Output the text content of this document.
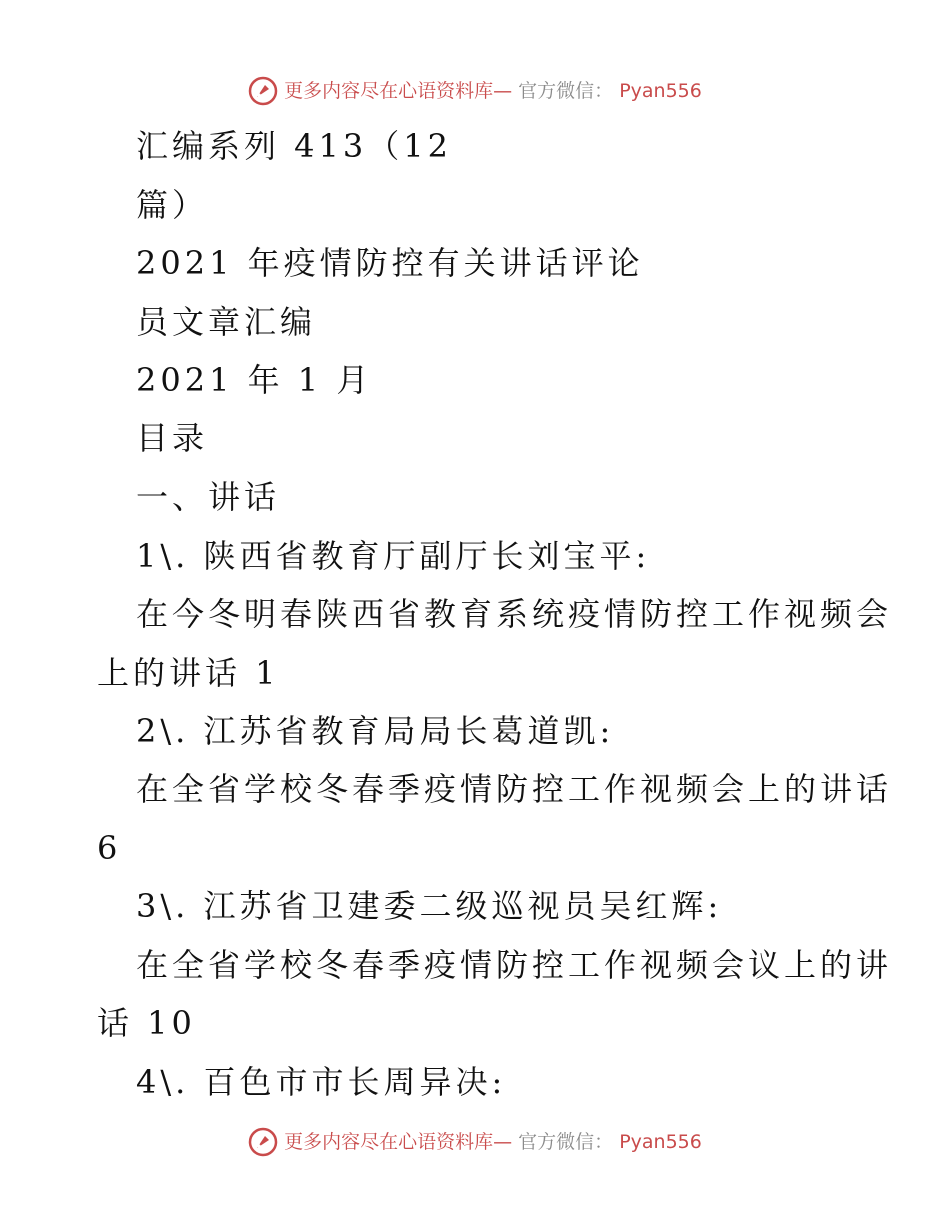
更多内容尽在心语资料库— 官方微信： Pyan556
汇编系列 413（12
篇）
2021 年疫情防控有关讲话评论
员文章汇编
2021 年 1 月
目录
一、讲话
1\. 陕西省教育厅副厅长刘宝平:
在今冬明春陕西省教育系统疫情防控工作视频会
上的讲话 1
2\. 江苏省教育局局长葛道凯:
在全省学校冬春季疫情防控工作视频会上的讲话
6
3\. 江苏省卫建委二级巡视员吴红辉:
在全省学校冬春季疫情防控工作视频会议上的讲
话 10
4\. 百色市市长周异决:
更多内容尽在心语资料库— 官方微信： Pyan556
